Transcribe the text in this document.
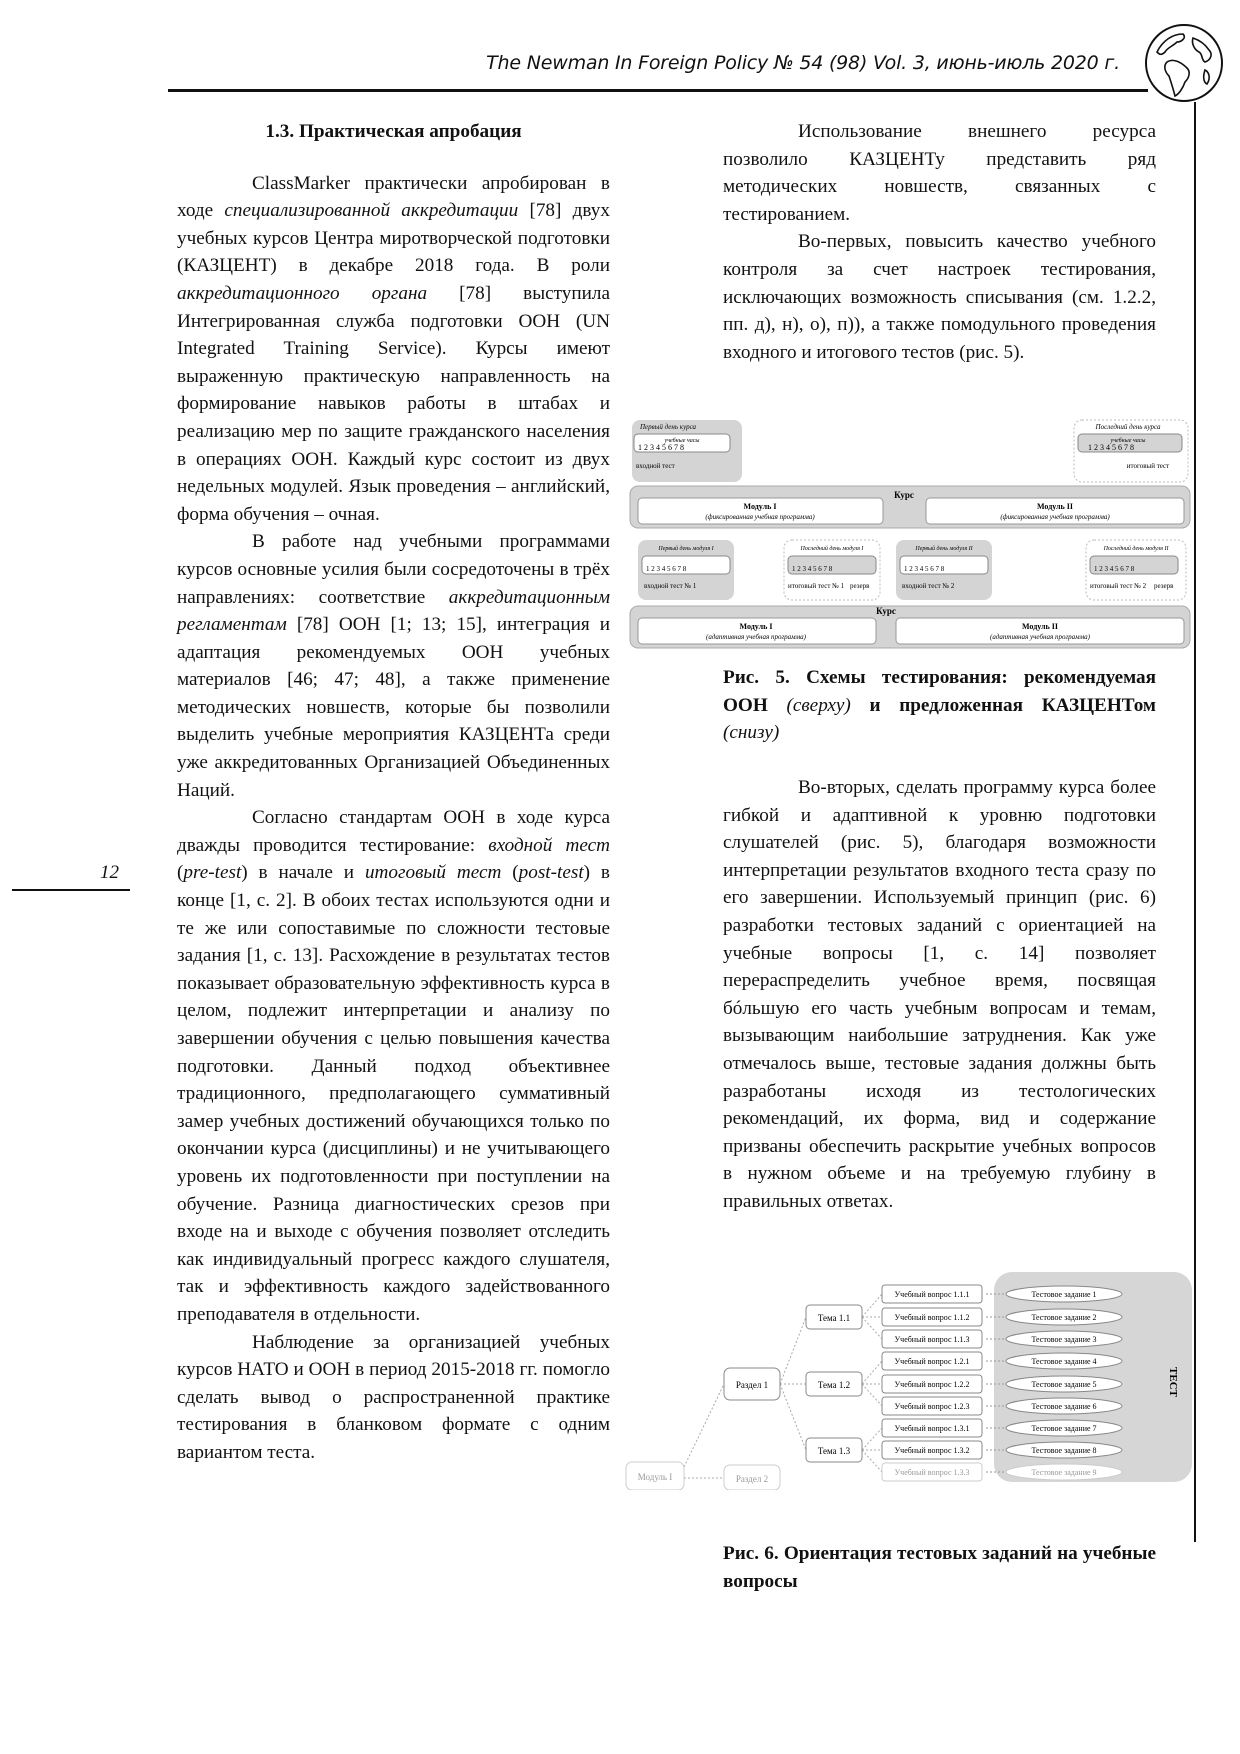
The Newman In Foreign Policy № 54 (98) Vol. 3, июнь-июль 2020 г.
12

1.3. Практическая апробация

ClassMarker практически апробирован в ходе специализированной аккредитации [78] двух учебных курсов Центра миротворческой подготовки (КАЗЦЕНТ) в декабре 2018 года. В роли аккредитационного органа [78] выступила Интегрированная служба подготовки ООН (UN Integrated Training Service). Курсы имеют выраженную практическую направленность на формирование навыков работы в штабах и реализацию мер по защите гражданского населения в операциях ООН. Каждый курс состоит из двух недельных модулей. Язык проведения – английский, форма обучения – очная.

В работе над учебными программами курсов основные усилия были сосредоточены в трёх направлениях: соответствие аккредитационным регламентам [78] ООН [1; 13; 15], интеграция и адаптация рекомендуемых ООН учебных материалов [46; 47; 48], а также применение методических новшеств, которые бы позволили выделить учебные мероприятия КАЗЦЕНТа среди уже аккредитованных Организацией Объединенных Наций.

Согласно стандартам ООН в ходе курса дважды проводится тестирование: входной тест (pre-test) в начале и итоговый тест (post-test) в конце [1, с. 2]. В обоих тестах используются одни и те же или сопоставимые по сложности тестовые задания [1, с. 13]. Расхождение в результатах тестов показывает образовательную эффективность курса в целом, подлежит интерпретации и анализу по завершении обучения с целью повышения качества подготовки. Данный подход объективнее традиционного, предполагающего суммативный замер учебных достижений обучающихся только по окончании курса (дисциплины) и не учитывающего уровень их подготовленности при поступлении на обучение. Разница диагностических срезов при входе на и выходе с обучения позволяет отследить как индивидуальный прогресс каждого слушателя, так и эффективность каждого задействованного преподавателя в отдельности.

Наблюдение за организацией учебных курсов НАТО и ООН в период 2015-2018 гг. помогло сделать вывод о распространенной практике тестирования в бланковом формате с одним вариантом теста.

Использование внешнего ресурса позволило КАЗЦЕНТу представить ряд методических новшеств, связанных с тестированием.

Во-первых, повысить качество учебного контроля за счет настроек тестирования, исключающих возможность списывания (см. 1.2.2, пп. д), н), о), п)), а также помодульного проведения входного и итогового тестов (рис. 5).

Курс
Модуль I
(фиксированная учебная программа)
Модуль II
(фиксированная учебная программа)
Первый день курса
учебные часы
1 2 3 4 5 6 7 8
входной тест
Последний день курса
учебные часы
1 2 3 4 5 6 7 8
итоговый тест
Курс
Модуль I
(адаптивная учебная программа)
Модуль II
(адаптивная учебная программа)
Первый день модуля I
1 2 3 4 5 6 7 8
входной тест № 1
Последний день модуля I
1 2 3 4 5 6 7 8
итоговый тест № 1 резерв
Первый день модуля II
1 2 3 4 5 6 7 8
входной тест № 2
Последний день модуля II
1 2 3 4 5 6 7 8
итоговый тест № 2 резерв
Рис. 5. Схемы тестирования: рекомендуемая ООН (сверху) и предложенная КАЗЦЕНТом (снизу)

Во-вторых, сделать программу курса более гибкой и адаптивной к уровню подготовки слушателей (рис. 5), благодаря возможности интерпретации результатов входного теста сразу по его завершении. Используемый принцип (рис. 6) разработки тестовых заданий с ориентацией на учебные вопросы [1, с. 14] позволяет перераспределить учебное время, посвящая бóльшую его часть учебным вопросам и темам, вызывающим наибольшие затруднения. Как уже отмечалось выше, тестовые задания должны быть разработаны исходя из тестологических рекомендаций, их форма, вид и содержание призваны обеспечить раскрытие учебных вопросов в нужном объеме и на требуемую глубину в правильных ответах.

ТЕСТ
Модуль I
Раздел 1
Раздел 2
Тема 1.1
Тема 1.2
Тема 1.3
Учебный вопрос 1.1.1
Учебный вопрос 1.1.2
Учебный вопрос 1.1.3
Учебный вопрос 1.2.1
Учебный вопрос 1.2.2
Учебный вопрос 1.2.3
Учебный вопрос 1.3.1
Учебный вопрос 1.3.2
Учебный вопрос 1.3.3
Тестовое задание 1
Тестовое задание 2
Тестовое задание 3
Тестовое задание 4
Тестовое задание 5
Тестовое задание 6
Тестовое задание 7
Тестовое задание 8
Тестовое задание 9
Рис. 6. Ориентация тестовых заданий на учебные вопросы
